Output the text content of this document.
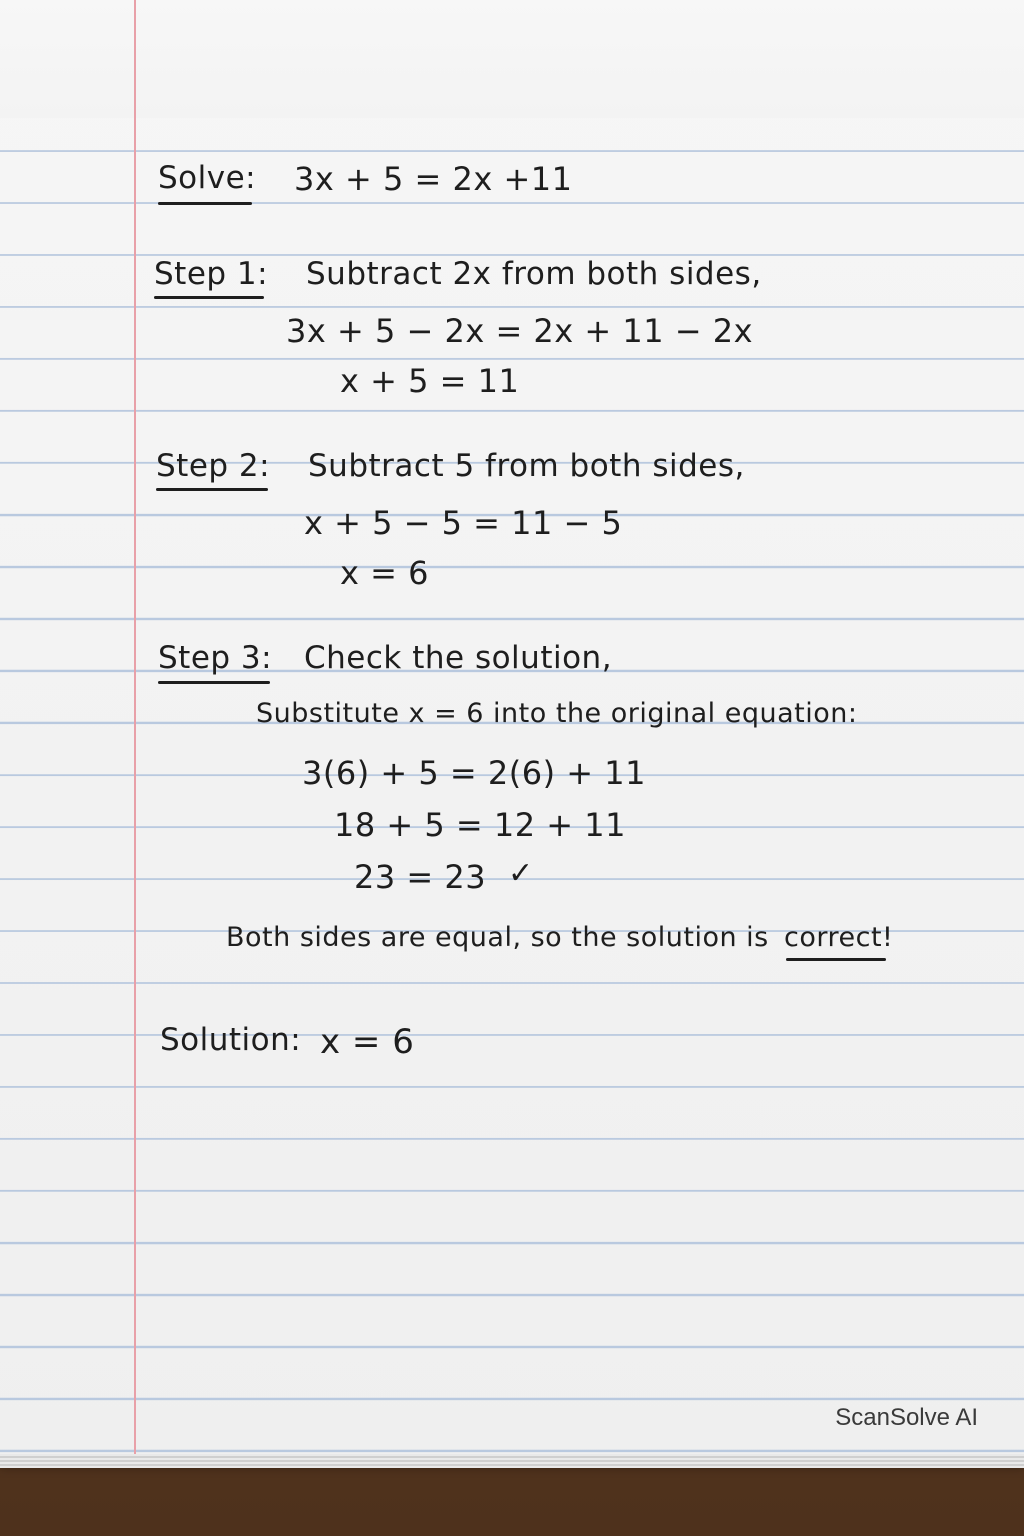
Solve: 3x + 5 = 2x +11
Step 1: Subtract 2x from both sides,
3x + 5 − 2x = 2x + 11 − 2x
x + 5 = 11
Step 2: Subtract 5 from both sides,
x + 5 − 5 = 11 − 5
x = 6
Step 3: Check the solution,
Substitute x = 6 into the original equation:
3(6) + 5 = 2(6) + 11
18 + 5 = 12 + 11
23 = 23 ✓
Both sides are equal, so the solution is correct!
Solution: x = 6
ScanSolve AI
